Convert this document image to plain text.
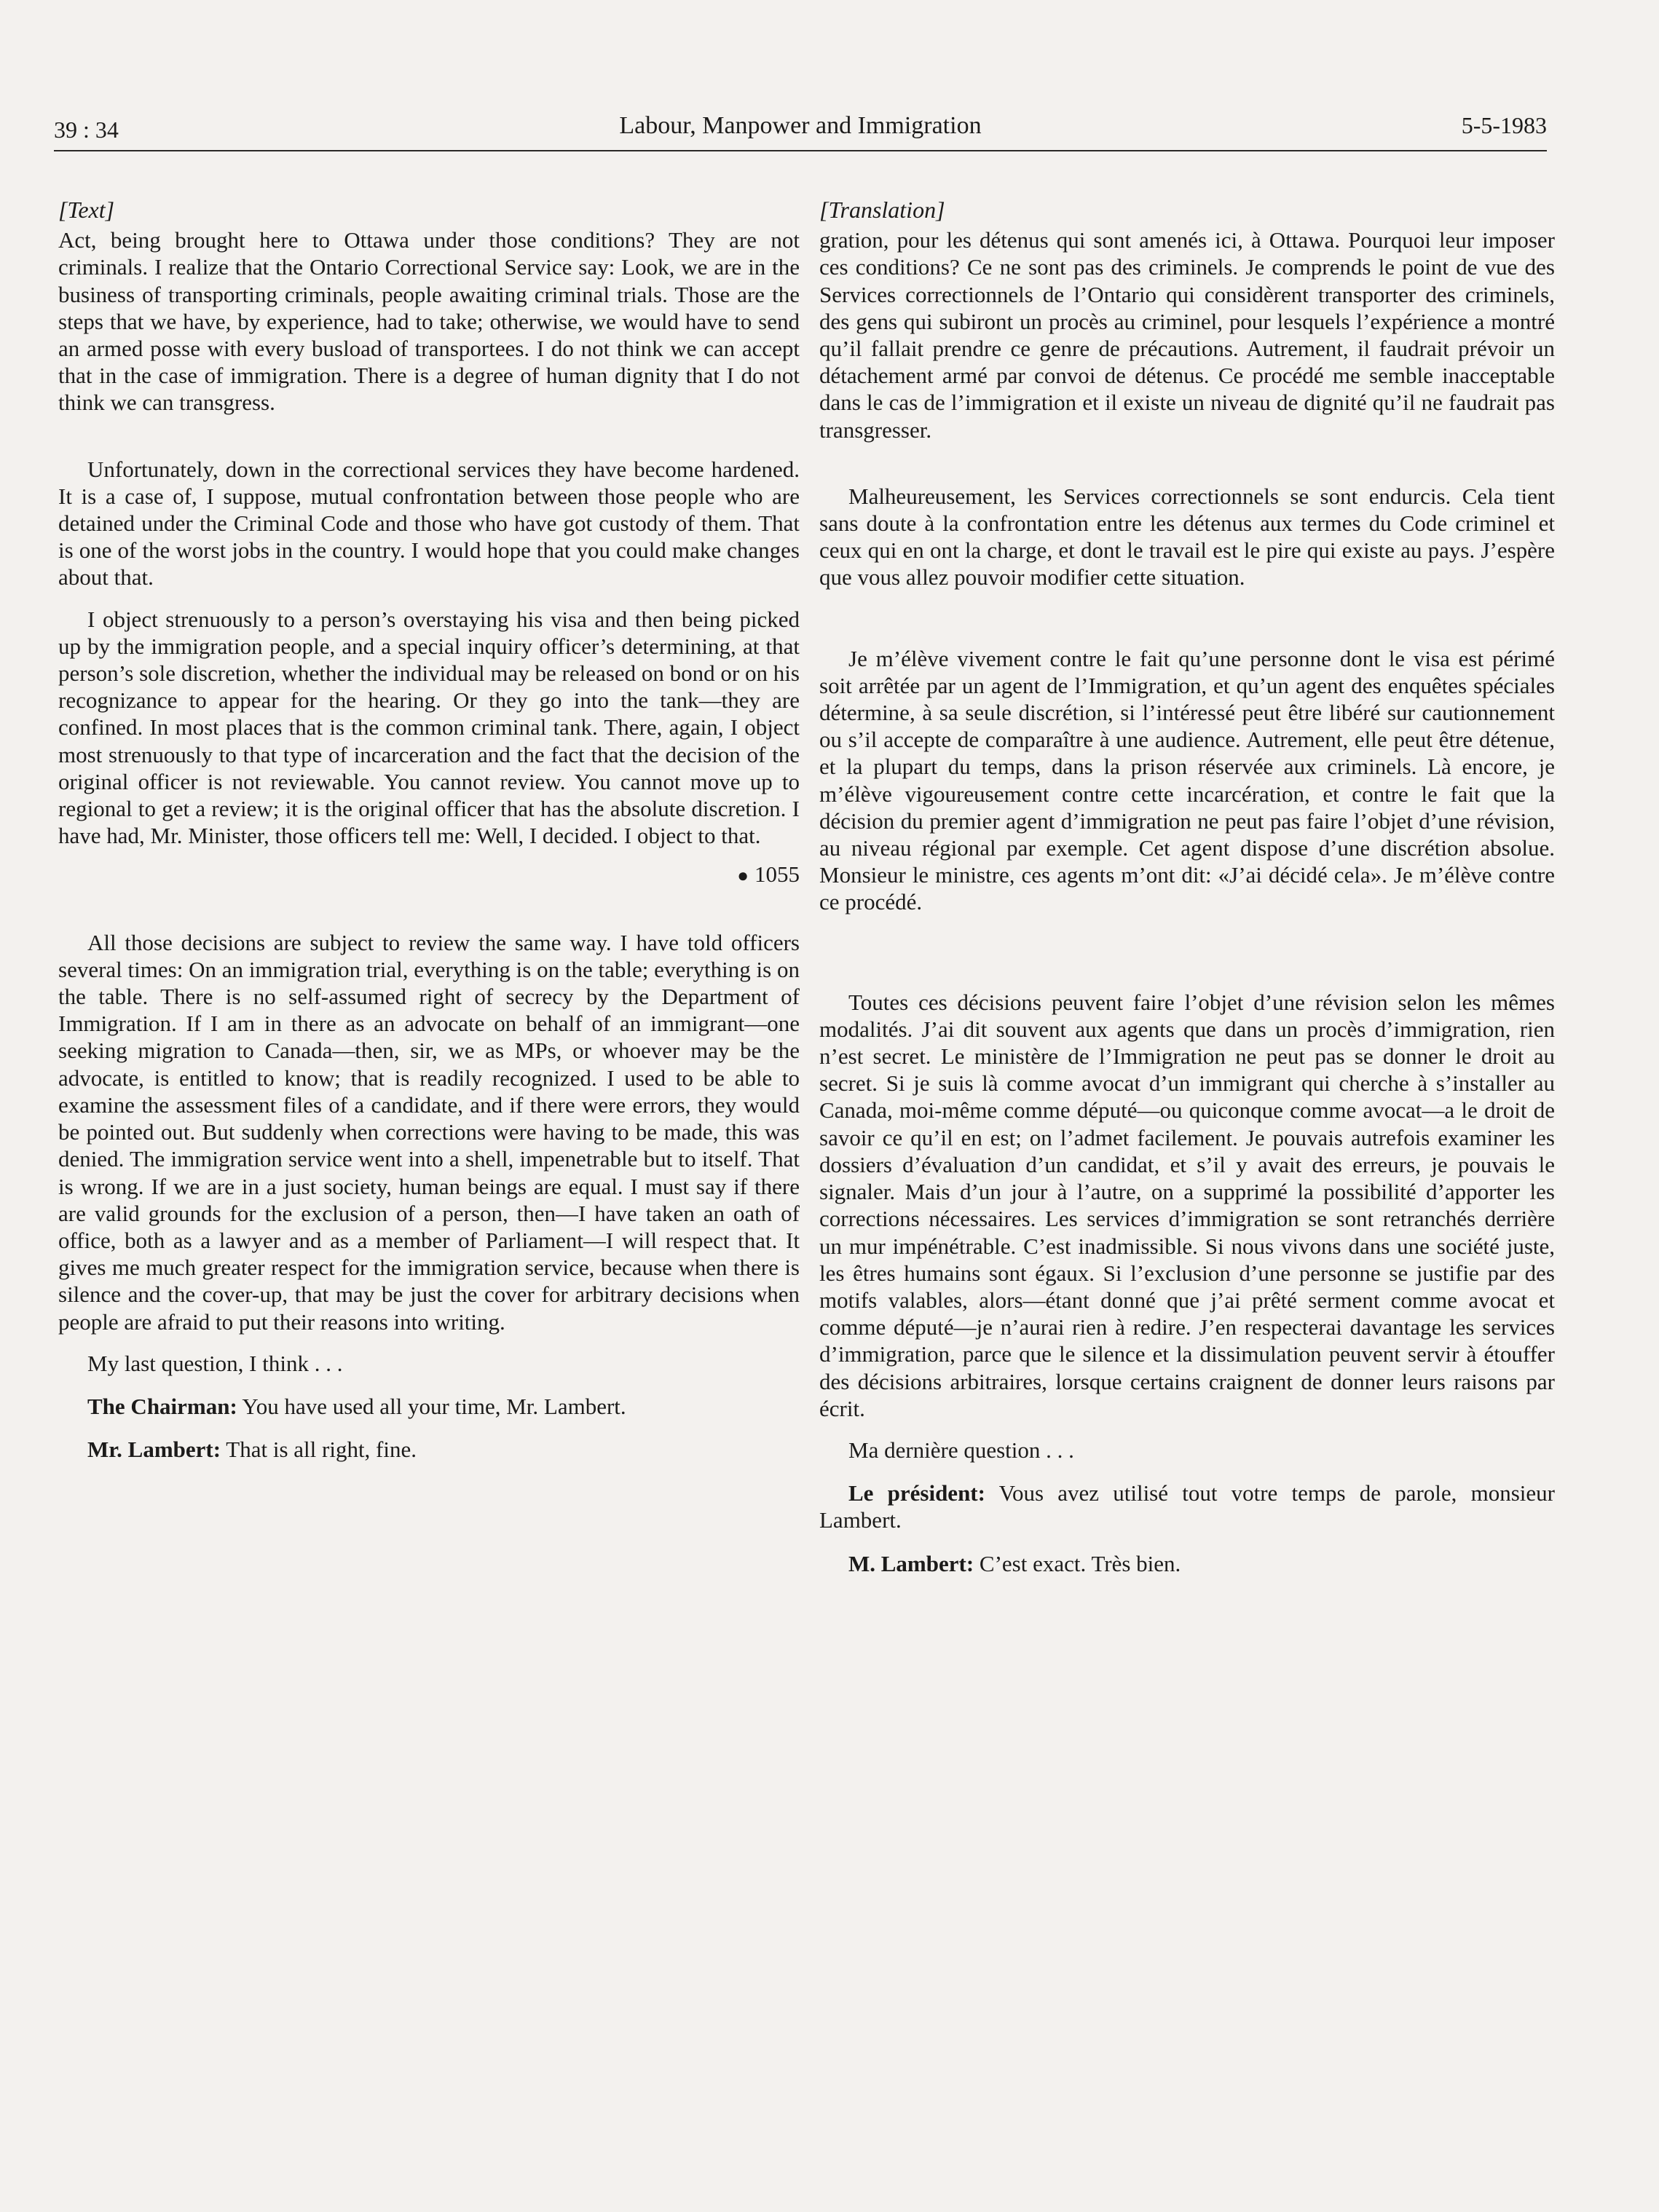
39 : 34	Labour, Manpower and Immigration	5-5-1983
[Text]

Act, being brought here to Ottawa under those conditions? They are not criminals. I realize that the Ontario Correctional Service say: Look, we are in the business of transporting criminals, people awaiting criminal trials. Those are the steps that we have, by experience, had to take; otherwise, we would have to send an armed posse with every busload of transportees. I do not think we can accept that in the case of immigration. There is a degree of human dignity that I do not think we can transgress.

Unfortunately, down in the correctional services they have become hardened. It is a case of, I suppose, mutual confrontation between those people who are detained under the Criminal Code and those who have got custody of them. That is one of the worst jobs in the country. I would hope that you could make changes about that.

I object strenuously to a person’s overstaying his visa and then being picked up by the immigration people, and a special inquiry officer’s determining, at that person’s sole discretion, whether the individual may be released on bond or on his recognizance to appear for the hearing. Or they go into the tank—they are confined. In most places that is the common criminal tank. There, again, I object most strenuously to that type of incarceration and the fact that the decision of the original officer is not reviewable. You cannot review. You cannot move up to regional to get a review; it is the original officer that has the absolute discretion. I have had, Mr. Minister, those officers tell me: Well, I decided. I object to that.

● 1055

All those decisions are subject to review the same way. I have told officers several times: On an immigration trial, everything is on the table; everything is on the table. There is no self-assumed right of secrecy by the Department of Immigration. If I am in there as an advocate on behalf of an immigrant—one seeking migration to Canada—then, sir, we as MPs, or whoever may be the advocate, is entitled to know; that is readily recognized. I used to be able to examine the assessment files of a candidate, and if there were errors, they would be pointed out. But suddenly when corrections were having to be made, this was denied. The immigration service went into a shell, impenetrable but to itself. That is wrong. If we are in a just society, human beings are equal. I must say if there are valid grounds for the exclusion of a person, then—I have taken an oath of office, both as a lawyer and as a member of Parliament—I will respect that. It gives me much greater respect for the immigration service, because when there is silence and the cover-up, that may be just the cover for arbitrary decisions when people are afraid to put their reasons into writing.

My last question, I think . . .

The Chairman: You have used all your time, Mr. Lambert.

Mr. Lambert: That is all right, fine.

[Translation]

gration, pour les détenus qui sont amenés ici, à Ottawa. Pourquoi leur imposer ces conditions? Ce ne sont pas des criminels. Je comprends le point de vue des Services correctionnels de l’Ontario qui considèrent transporter des criminels, des gens qui subiront un procès au criminel, pour lesquels l’expérience a montré qu’il fallait prendre ce genre de précautions. Autrement, il faudrait prévoir un détachement armé par convoi de détenus. Ce procédé me semble inacceptable dans le cas de l’immigration et il existe un niveau de dignité qu’il ne faudrait pas transgresser.

Malheureusement, les Services correctionnels se sont endurcis. Cela tient sans doute à la confrontation entre les détenus aux termes du Code criminel et ceux qui en ont la charge, et dont le travail est le pire qui existe au pays. J’espère que vous allez pouvoir modifier cette situation.

Je m’élève vivement contre le fait qu’une personne dont le visa est périmé soit arrêtée par un agent de l’Immigration, et qu’un agent des enquêtes spéciales détermine, à sa seule discrétion, si l’intéressé peut être libéré sur cautionnement ou s’il accepte de comparaître à une audience. Autrement, elle peut être détenue, et la plupart du temps, dans la prison réservée aux criminels. Là encore, je m’élève vigoureusement contre cette incarcération, et contre le fait que la décision du premier agent d’immigration ne peut pas faire l’objet d’une révision, au niveau régional par exemple. Cet agent dispose d’une discrétion absolue. Monsieur le ministre, ces agents m’ont dit: «J’ai décidé cela». Je m’élève contre ce procédé.

Toutes ces décisions peuvent faire l’objet d’une révision selon les mêmes modalités. J’ai dit souvent aux agents que dans un procès d’immigration, rien n’est secret. Le ministère de l’Immigration ne peut pas se donner le droit au secret. Si je suis là comme avocat d’un immigrant qui cherche à s’installer au Canada, moi-même comme député—ou quiconque comme avocat—a le droit de savoir ce qu’il en est; on l’admet facilement. Je pouvais autrefois examiner les dossiers d’évaluation d’un candidat, et s’il y avait des erreurs, je pouvais le signaler. Mais d’un jour à l’autre, on a supprimé la possibilité d’apporter les corrections nécessaires. Les services d’immigration se sont retranchés derrière un mur impénétrable. C’est inadmissible. Si nous vivons dans une société juste, les êtres humains sont égaux. Si l’exclusion d’une personne se justifie par des motifs valables, alors—étant donné que j’ai prêté serment comme avocat et comme député—je n’aurai rien à redire. J’en respecterai davantage les services d’immigration, parce que le silence et la dissimulation peuvent servir à étouffer des décisions arbitraires, lorsque certains craignent de donner leurs raisons par écrit.

Ma dernière question . . .

Le président: Vous avez utilisé tout votre temps de parole, monsieur Lambert.

M. Lambert: C’est exact. Très bien.
